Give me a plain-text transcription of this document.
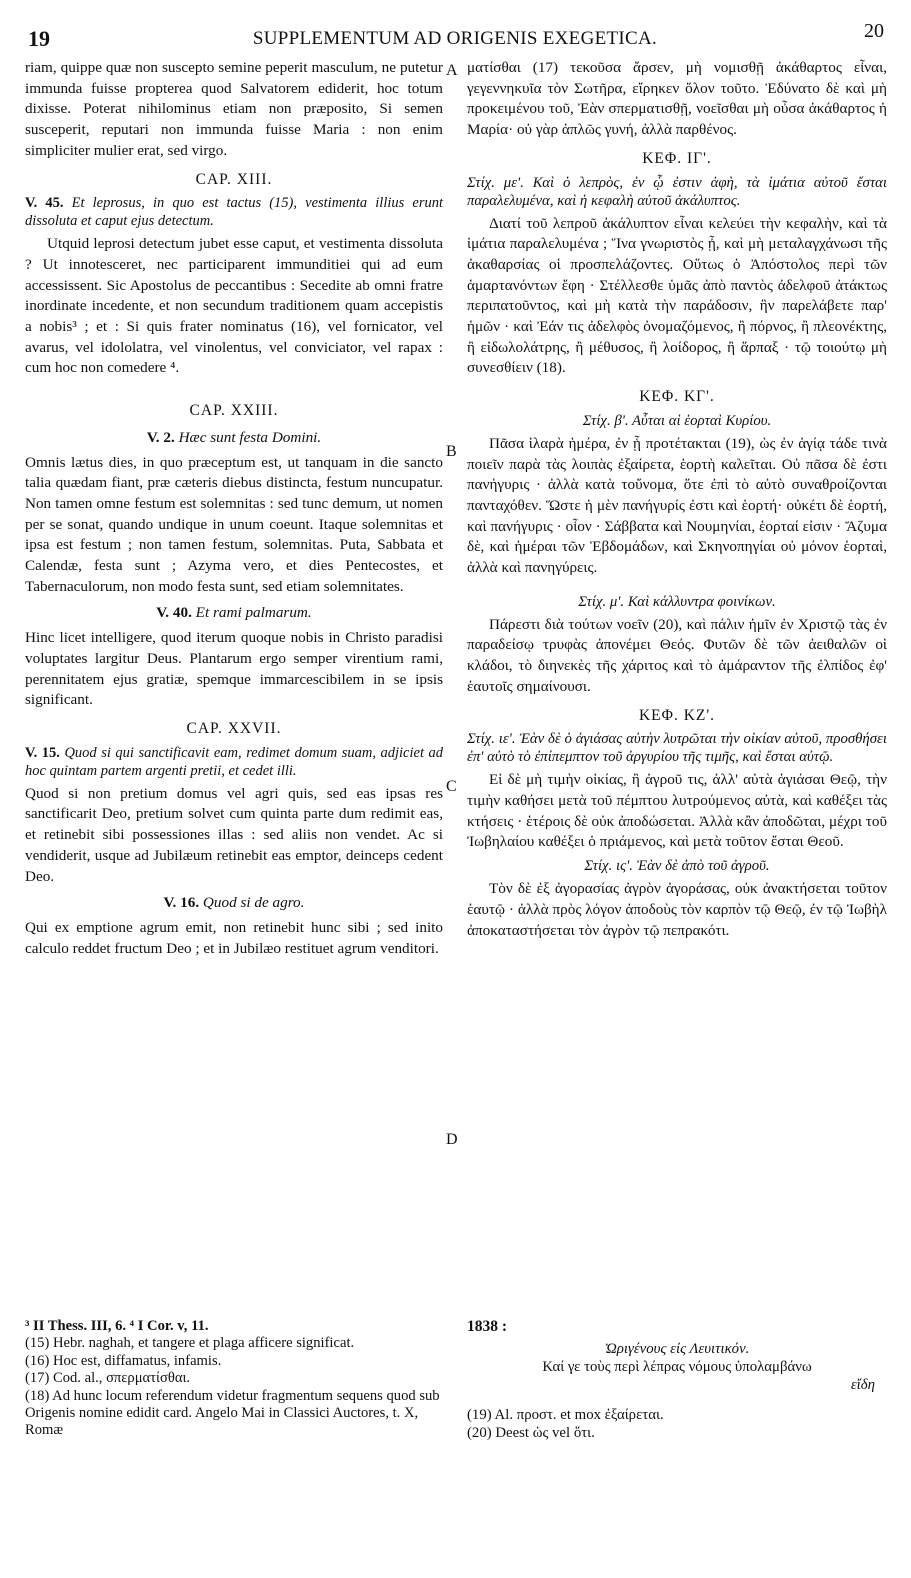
19	SUPPLEMENTUM AD ORIGENIS EXEGETICA.	20

riam, quippe quæ non suscepto semine peperit masculum, ne putetur immunda fuisse propterea quod Salvatorem ediderit, hoc totum dixisse. Poterat nihilominus etiam non præposito, Si semen susceperit, reputari non immunda fuisse Maria : non enim simpliciter mulier erat, sed virgo.

CAP. XIII.
V. 45. Et leprosus, in quo est tactus (15), vestimenta illius erunt dissoluta et caput ejus detectum.

Utquid leprosi detectum jubet esse caput, et vestimenta dissoluta ? Ut innotesceret, nec participarent immunditiei qui ad eum accessissent. Sic Apostolus de peccantibus : Secedite ab omni fratre inordinate incedente, et non secundum traditionem quam accepistis a nobis³ ; et : Si quis frater nominatus (16), vel fornicator, vel avarus, vel idololatra, vel vinolentus, vel conviciator, vel rapax : cum hoc non comedere ⁴.

CAP. XXIII.
V. 2. Hæc sunt festa Domini.

Omnis lætus dies, in quo præceptum est, ut tanquam in die sancto talia quædam fiant, præ cæteris diebus distincta, festum nuncupatur. Non tamen omne festum est solemnitas : sed tunc demum, ut nomen per se sonat, quando undique in unum coeunt. Itaque solemnitas et ipsa est festum ; non tamen festum, solemnitas. Puta, Sabbata et Calendæ, festa sunt ; Azyma vero, et dies Pentecostes, et Tabernaculorum, non modo festa sunt, sed etiam solemnitates.

V. 40. Et rami palmarum.

Hinc licet intelligere, quod iterum quoque nobis in Christo paradisi voluptates largitur Deus. Plantarum ergo semper virentium rami, perennitatem ejus gratiæ, spemque immarcescibilem in se ipsis significant.

CAP. XXVII.
V. 15. Quod si qui sanctificavit eam, redimet domum suam, adjiciet ad hoc quintam partem argenti pretii, et cedet illi.

Quod si non pretium domus vel agri quis, sed eas ipsas res sanctificarit Deo, pretium solvet cum quinta parte dum redimit eas, et retinebit sibi possessiones illas : sed aliis non vendet. Ac si vendiderit, usque ad Jubilæum retinebit eas emptor, deinceps cedent Deo.

V. 16. Quod si de agro.

Qui ex emptione agrum emit, non retinebit hunc sibi ; sed inito calculo reddet fructum Deo ; et in Jubilæo restituet agrum venditori.

A
B
C
D

ματίσθαι (17) τεκοῦσα ἄρσεν, μὴ νομισθῇ ἀκάθαρτος εἶναι, γεγεννηκυῖα τὸν Σωτῆρα, εἴρηκεν ὅλον τοῦτο. Ἐδύνατο δὲ καὶ μὴ προκειμένου τοῦ, Ἐὰν σπερματισθῇ, νοεῖσθαι μὴ οὖσα ἀκάθαρτος ἡ Μαρία· οὐ γὰρ ἁπλῶς γυνή, ἀλλὰ παρθένος.

ΚΕΦ. ΙΓ'.
Στίχ. με'. Καὶ ὁ λεπρὸς, ἐν ᾧ ἐστιν ἀφὴ, τὰ ἱμάτια αὐτοῦ ἔσται παραλελυμένα, καὶ ἡ κεφαλὴ αὐτοῦ ἀκάλυπτος.

Διατί τοῦ λεπροῦ ἀκάλυπτον εἶναι κελεύει τὴν κεφαλὴν, καὶ τὰ ἱμάτια παραλελυμένα ; Ἵνα γνωριστὸς ᾖ, καὶ μὴ μεταλαγχάνωσι τῆς ἀκαθαρσίας οἱ προσπελάζοντες. Οὕτως ὁ Ἀπόστολος περὶ τῶν ἁμαρτανόντων ἔφη · Στέλλεσθε ὑμᾶς ἀπὸ παντὸς ἀδελφοῦ ἀτάκτως περιπατοῦντος, καὶ μὴ κατὰ τὴν παράδοσιν, ἣν παρελάβετε παρ' ἡμῶν · καὶ Ἐάν τις ἀδελφὸς ὀνομαζόμενος, ἢ πόρνος, ἢ πλεονέκτης, ἢ εἰδωλολάτρης, ἢ μέθυσος, ἢ λοίδορος, ἢ ἅρπαξ · τῷ τοιούτῳ μὴ συνεσθίειν (18).

ΚΕΦ. ΚΓ'.
Στίχ. β'. Αὗται αἱ ἑορταὶ Κυρίου.

Πᾶσα ἱλαρὰ ἡμέρα, ἐν ᾗ προτέτακται (19), ὡς ἐν ἁγίᾳ τάδε τινὰ ποιεῖν παρὰ τὰς λοιπὰς ἐξαίρετα, ἑορτὴ καλεῖται. Οὐ πᾶσα δὲ ἐστι πανήγυρις · ἀλλὰ κατὰ τοὔνομα, ὅτε ἐπὶ τὸ αὐτὸ συναθροίζονται πανταχόθεν. Ὥστε ἡ μὲν πανήγυρίς ἐστι καὶ ἑορτή· οὐκέτι δὲ ἑορτή, καὶ πανήγυρις · οἷον · Σάββατα καὶ Νουμηνίαι, ἑορταί εἰσιν · Ἄζυμα δὲ, καὶ ἡμέραι τῶν Ἑβδομάδων, καὶ Σκηνοπηγίαι οὐ μόνον ἑορταὶ, ἀλλὰ καὶ πανηγύρεις.

Στίχ. μ'. Καὶ κάλλυντρα φοινίκων.

Πάρεστι διὰ τούτων νοεῖν (20), καὶ πάλιν ἡμῖν ἐν Χριστῷ τὰς ἐν παραδείσῳ τρυφὰς ἀπονέμει Θεός. Φυτῶν δὲ τῶν ἀειθαλῶν οἱ κλάδοι, τὸ διηνεκὲς τῆς χάριτος καὶ τὸ ἀμάραντον τῆς ἐλπίδος ἐφ' ἑαυτοῖς σημαίνουσι.

ΚΕΦ. ΚΖ'.
Στίχ. ιε'. Ἐὰν δὲ ὁ ἁγιάσας αὐτὴν λυτρῶται τὴν οἰκίαν αὐτοῦ, προσθήσει ἐπ' αὐτὸ τὸ ἐπίπεμπτον τοῦ ἀργυρίου τῆς τιμῆς, καὶ ἔσται αὐτῷ.

Εἰ δὲ μὴ τιμὴν οἰκίας, ἢ ἀγροῦ τις, ἀλλ' αὐτὰ ἁγιάσαι Θεῷ, τὴν τιμὴν καθήσει μετὰ τοῦ πέμπτου λυτρούμενος αὐτὰ, καὶ καθέξει τὰς κτήσεις · ἑτέροις δὲ οὐκ ἀποδώσεται. Ἀλλὰ κἂν ἀποδῶται, μέχρι τοῦ Ἰωβηλαίου καθέξει ὁ πριάμενος, καὶ μετὰ τοῦτον ἔσται Θεοῦ.

Στίχ. ις'. Ἐὰν δὲ ἀπὸ τοῦ ἀγροῦ.

Τὸν δὲ ἐξ ἀγορασίας ἀγρὸν ἀγοράσας, οὐκ ἀνακτήσεται τοῦτον ἑαυτῷ · ἀλλὰ πρὸς λόγον ἀποδοὺς τὸν καρπὸν τῷ Θεῷ, ἐν τῷ Ἰωβὴλ ἀποκαταστήσεται τὸν ἀγρὸν τῷ πεπρακότι.

³ II Thess. III, 6. ⁴ I Cor. v, 11.

(15) Hebr. naghah, et tangere et plaga afficere significat.

(16) Hoc est, diffamatus, infamis.

(17) Cod. al., σπερματίσθαι.

(18) Ad hunc locum referendum videtur fragmentum sequens quod sub Origenis nomine edidit card. Angelo Mai in Classici Auctores, t. X, Romæ

1838 :

Ὠριγένους εἰς Λευιτικόν.

Καί γε τοὺς περὶ λέπρας νόμους ὑπολαμβάνω

εἴδη

(19) Al. προστ. et mox ἐξαίρεται.

(20) Deest ὡς vel ὅτι.
